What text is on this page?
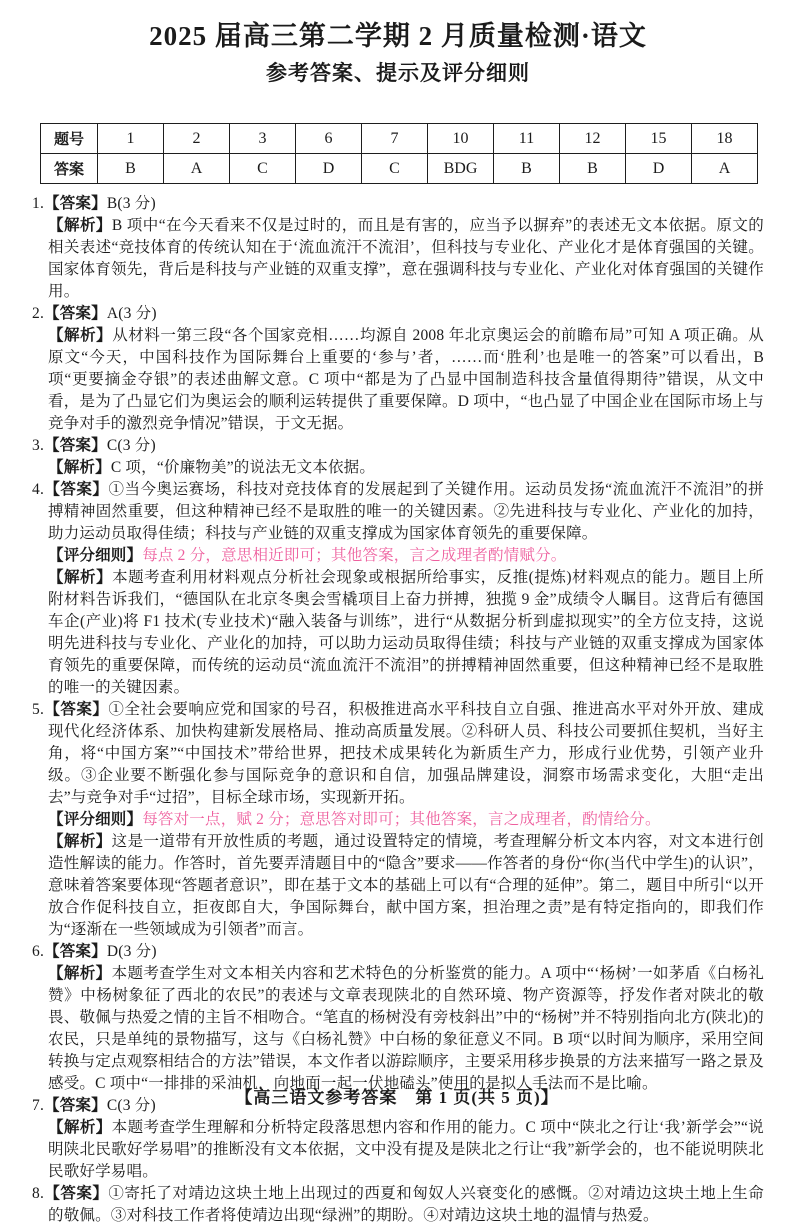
2025 届高三第二学期 2 月质量检测·语文
参考答案、提示及评分细则
题号	1	2	3	6	7	10	11	12	15	18
答案	B	A	C	D	C	BDG	B	B	D	A

1.【答案】B(3 分)

【解析】B 项中“在今天看来不仅是过时的，而且是有害的，应当予以摒弃”的表述无文本依据。原文的相关表述“竞技体育的传统认知在于‘流血流汗不流泪’，但科技与专业化、产业化才是体育强国的关键。国家体育领先，背后是科技与产业链的双重支撑”，意在强调科技与专业化、产业化对体育强国的关键作用。

2.【答案】A(3 分)

【解析】从材料一第三段“各个国家竞相……均源自 2008 年北京奥运会的前瞻布局”可知 A 项正确。从原文“今天，中国科技作为国际舞台上重要的‘参与’者，……而‘胜利’也是唯一的答案”可以看出，B 项“更要摘金夺银”的表述曲解文意。C 项中“都是为了凸显中国制造科技含量值得期待”错误，从文中看，是为了凸显它们为奥运会的顺利运转提供了重要保障。D 项中，“也凸显了中国企业在国际市场上与竞争对手的激烈竞争情况”错误，于文无据。

3.【答案】C(3 分)

【解析】C 项，“价廉物美”的说法无文本依据。

4.【答案】①当今奥运赛场，科技对竞技体育的发展起到了关键作用。运动员发扬“流血流汗不流泪”的拼搏精神固然重要，但这种精神已经不是取胜的唯一的关键因素。②先进科技与专业化、产业化的加持，助力运动员取得佳绩；科技与产业链的双重支撑成为国家体育领先的重要保障。

【评分细则】每点 2 分，意思相近即可；其他答案，言之成理者酌情赋分。

【解析】本题考查利用材料观点分析社会现象或根据所给事实，反推(提炼)材料观点的能力。题目上所附材料告诉我们，“德国队在北京冬奥会雪橇项目上奋力拼搏，独揽 9 金”成绩令人瞩目。这背后有德国车企(产业)将 F1 技术(专业技术)“融入装备与训练”，进行“从数据分析到虚拟现实”的全方位支持，这说明先进科技与专业化、产业化的加持，可以助力运动员取得佳绩；科技与产业链的双重支撑成为国家体育领先的重要保障，而传统的运动员“流血流汗不流泪”的拼搏精神固然重要，但这种精神已经不是取胜的唯一的关键因素。

5.【答案】①全社会要响应党和国家的号召，积极推进高水平科技自立自强、推进高水平对外开放、建成现代化经济体系、加快构建新发展格局、推动高质量发展。②科研人员、科技公司要抓住契机，当好主角，将“中国方案”“中国技术”带给世界，把技术成果转化为新质生产力，形成行业优势，引领产业升级。③企业要不断强化参与国际竞争的意识和自信，加强品牌建设，洞察市场需求变化，大胆“走出去”与竞争对手“过招”，目标全球市场，实现新开拓。

【评分细则】每答对一点，赋 2 分；意思答对即可；其他答案，言之成理者，酌情给分。

【解析】这是一道带有开放性质的考题，通过设置特定的情境，考查理解分析文本内容，对文本进行创造性解读的能力。作答时，首先要弄清题目中的“隐含”要求——作答者的身份“你(当代中学生)的认识”，意味着答案要体现“答题者意识”，即在基于文本的基础上可以有“合理的延伸”。第二，题目中所引“以开放合作促科技自立，拒夜郎自大，争国际舞台，献中国方案，担治理之责”是有特定指向的，即我们作为“逐渐在一些领域成为引领者”而言。

6.【答案】D(3 分)

【解析】本题考查学生对文本相关内容和艺术特色的分析鉴赏的能力。A 项中“‘杨树’一如茅盾《白杨礼赞》中杨树象征了西北的农民”的表述与文章表现陕北的自然环境、物产资源等，抒发作者对陕北的敬畏、敬佩与热爱之情的主旨不相吻合。“笔直的杨树没有旁枝斜出”中的“杨树”并不特别指向北方(陕北)的农民，只是单纯的景物描写，这与《白杨礼赞》中白杨的象征意义不同。B 项“以时间为顺序，采用空间转换与定点观察相结合的方法”错误，本文作者以游踪顺序，主要采用移步换景的方法来描写一路之景及感受。C 项中“一排排的采油机，向地面一起一伏地磕头”使用的是拟人手法而不是比喻。

7.【答案】C(3 分)

【解析】本题考查学生理解和分析特定段落思想内容和作用的能力。C 项中“陕北之行让‘我’新学会”“说明陕北民歌好学易唱”的推断没有文本依据，文中没有提及是陕北之行让“我”新学会的，也不能说明陕北民歌好学易唱。

8.【答案】①寄托了对靖边这块土地上出现过的西夏和匈奴人兴衰变化的感慨。②对靖边这块土地上生命的敬佩。③对科技工作者将使靖边出现“绿洲”的期盼。④对靖边这块土地的温情与热爱。

【高三语文参考答案　第 1 页(共 5 页)】
